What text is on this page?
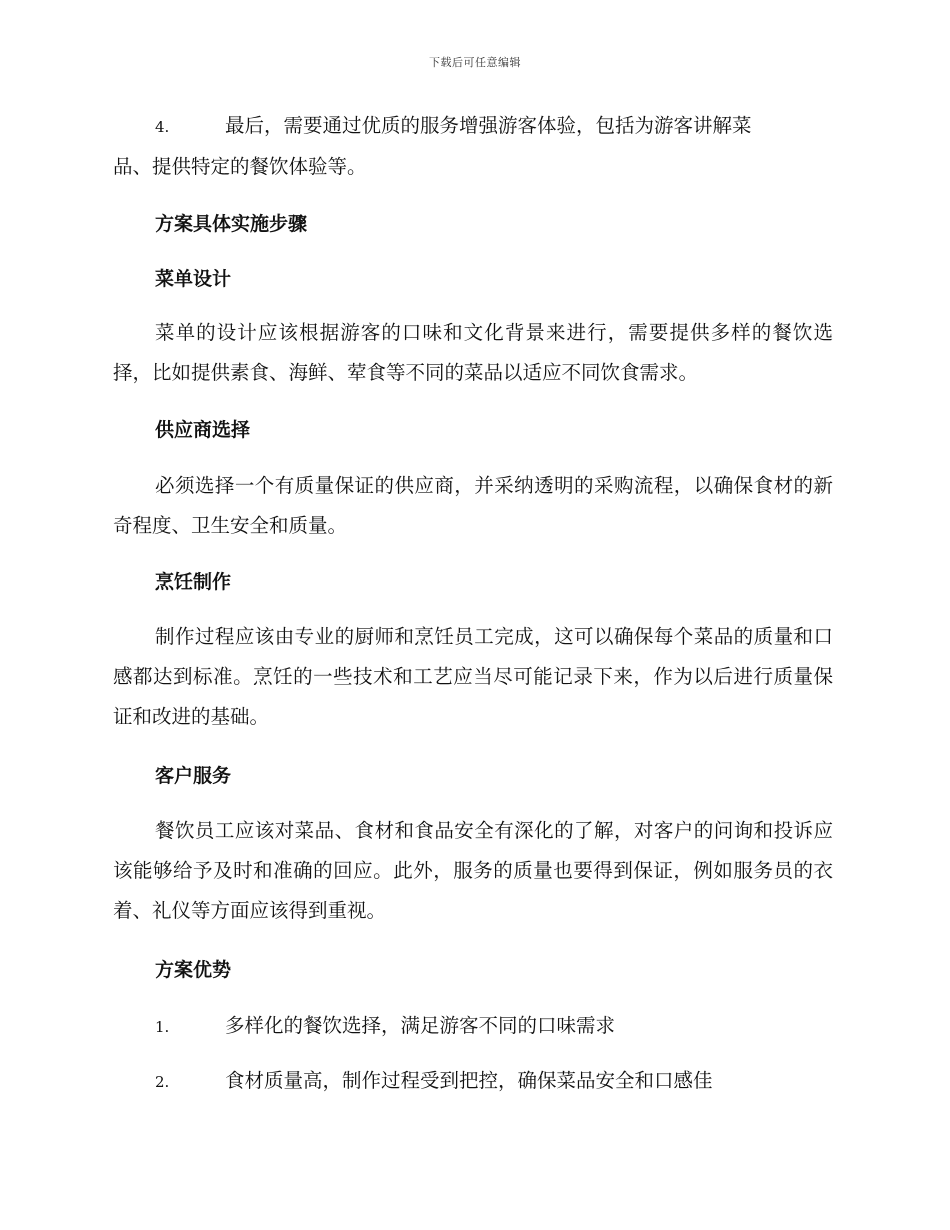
下载后可任意编辑
4.	最后，需要通过优质的服务增强游客体验，包括为游客讲解菜
品、提供特定的餐饮体验等。
方案具体实施步骤
菜单设计
菜单的设计应该根据游客的口味和文化背景来进行，需要提供多样的餐饮选择，比如提供素食、海鲜、荤食等不同的菜品以适应不同饮食需求。
供应商选择
必须选择一个有质量保证的供应商，并采纳透明的采购流程，以确保食材的新奇程度、卫生安全和质量。
烹饪制作
制作过程应该由专业的厨师和烹饪员工完成，这可以确保每个菜品的质量和口感都达到标准。烹饪的一些技术和工艺应当尽可能记录下来，作为以后进行质量保证和改进的基础。
客户服务
餐饮员工应该对菜品、食材和食品安全有深化的了解，对客户的问询和投诉应该能够给予及时和准确的回应。此外，服务的质量也要得到保证，例如服务员的衣着、礼仪等方面应该得到重视。
方案优势
1.	多样化的餐饮选择，满足游客不同的口味需求
2.	食材质量高，制作过程受到把控，确保菜品安全和口感佳
